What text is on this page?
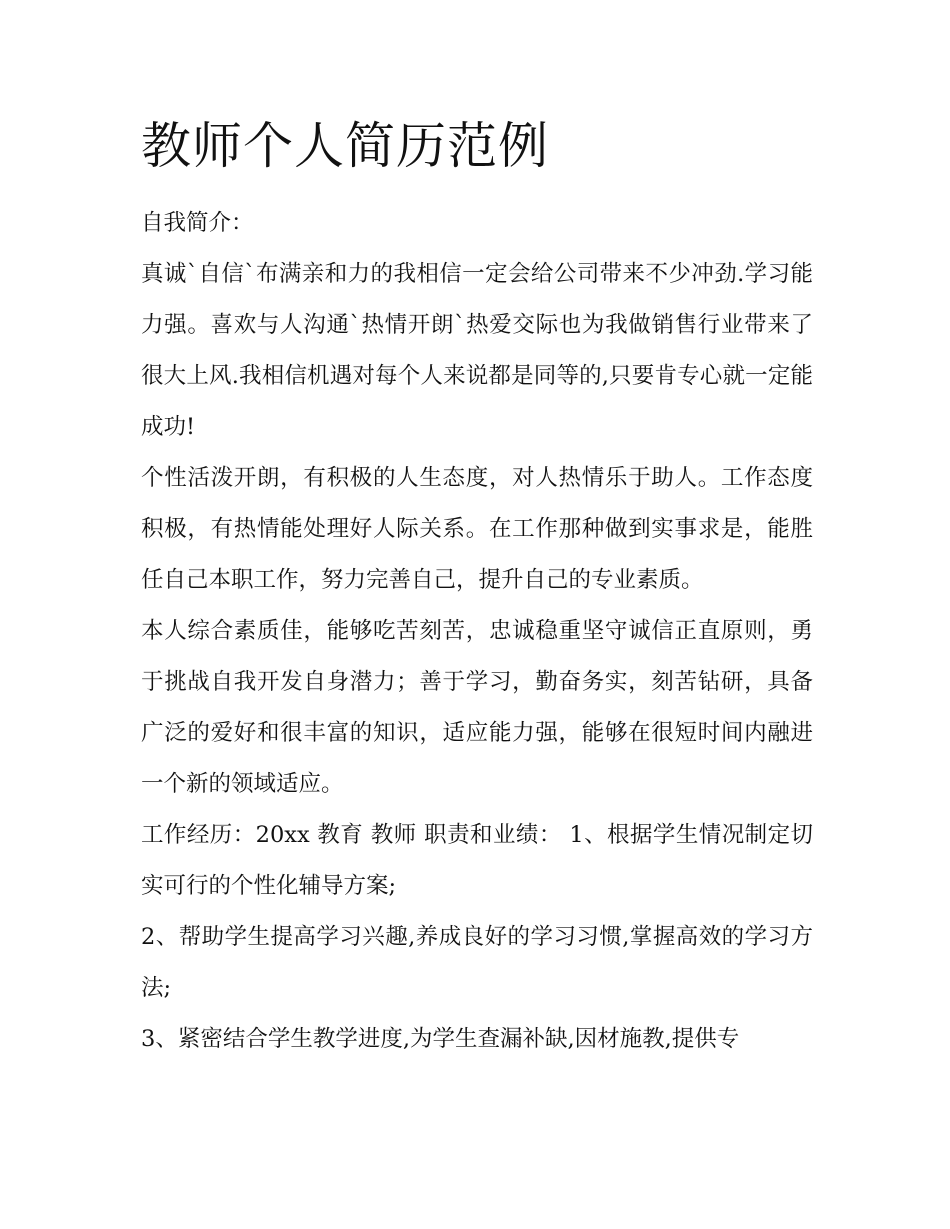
教师个人简历范例

自我简介：

真诚`自信`布满亲和力的我相信一定会给公司带来不少冲劲.学习能力强。喜欢与人沟通`热情开朗`热爱交际也为我做销售行业带来了很大上风.我相信机遇对每个人来说都是同等的,只要肯专心就一定能成功!

个性活泼开朗，有积极的人生态度，对人热情乐于助人。工作态度积极，有热情能处理好人际关系。在工作那种做到实事求是，能胜任自己本职工作，努力完善自己，提升自己的专业素质。

本人综合素质佳，能够吃苦刻苦，忠诚稳重坚守诚信正直原则，勇于挑战自我开发自身潜力；善于学习，勤奋务实，刻苦钻研，具备广泛的爱好和很丰富的知识，适应能力强，能够在很短时间内融进一个新的领域适应。

工作经历：20xx 教育 教师 职责和业绩： 1、根据学生情况制定切实可行的个性化辅导方案;

2、帮助学生提高学习兴趣,养成良好的学习习惯,掌握高效的学习方法;

3、紧密结合学生教学进度,为学生查漏补缺,因材施教,提供专
